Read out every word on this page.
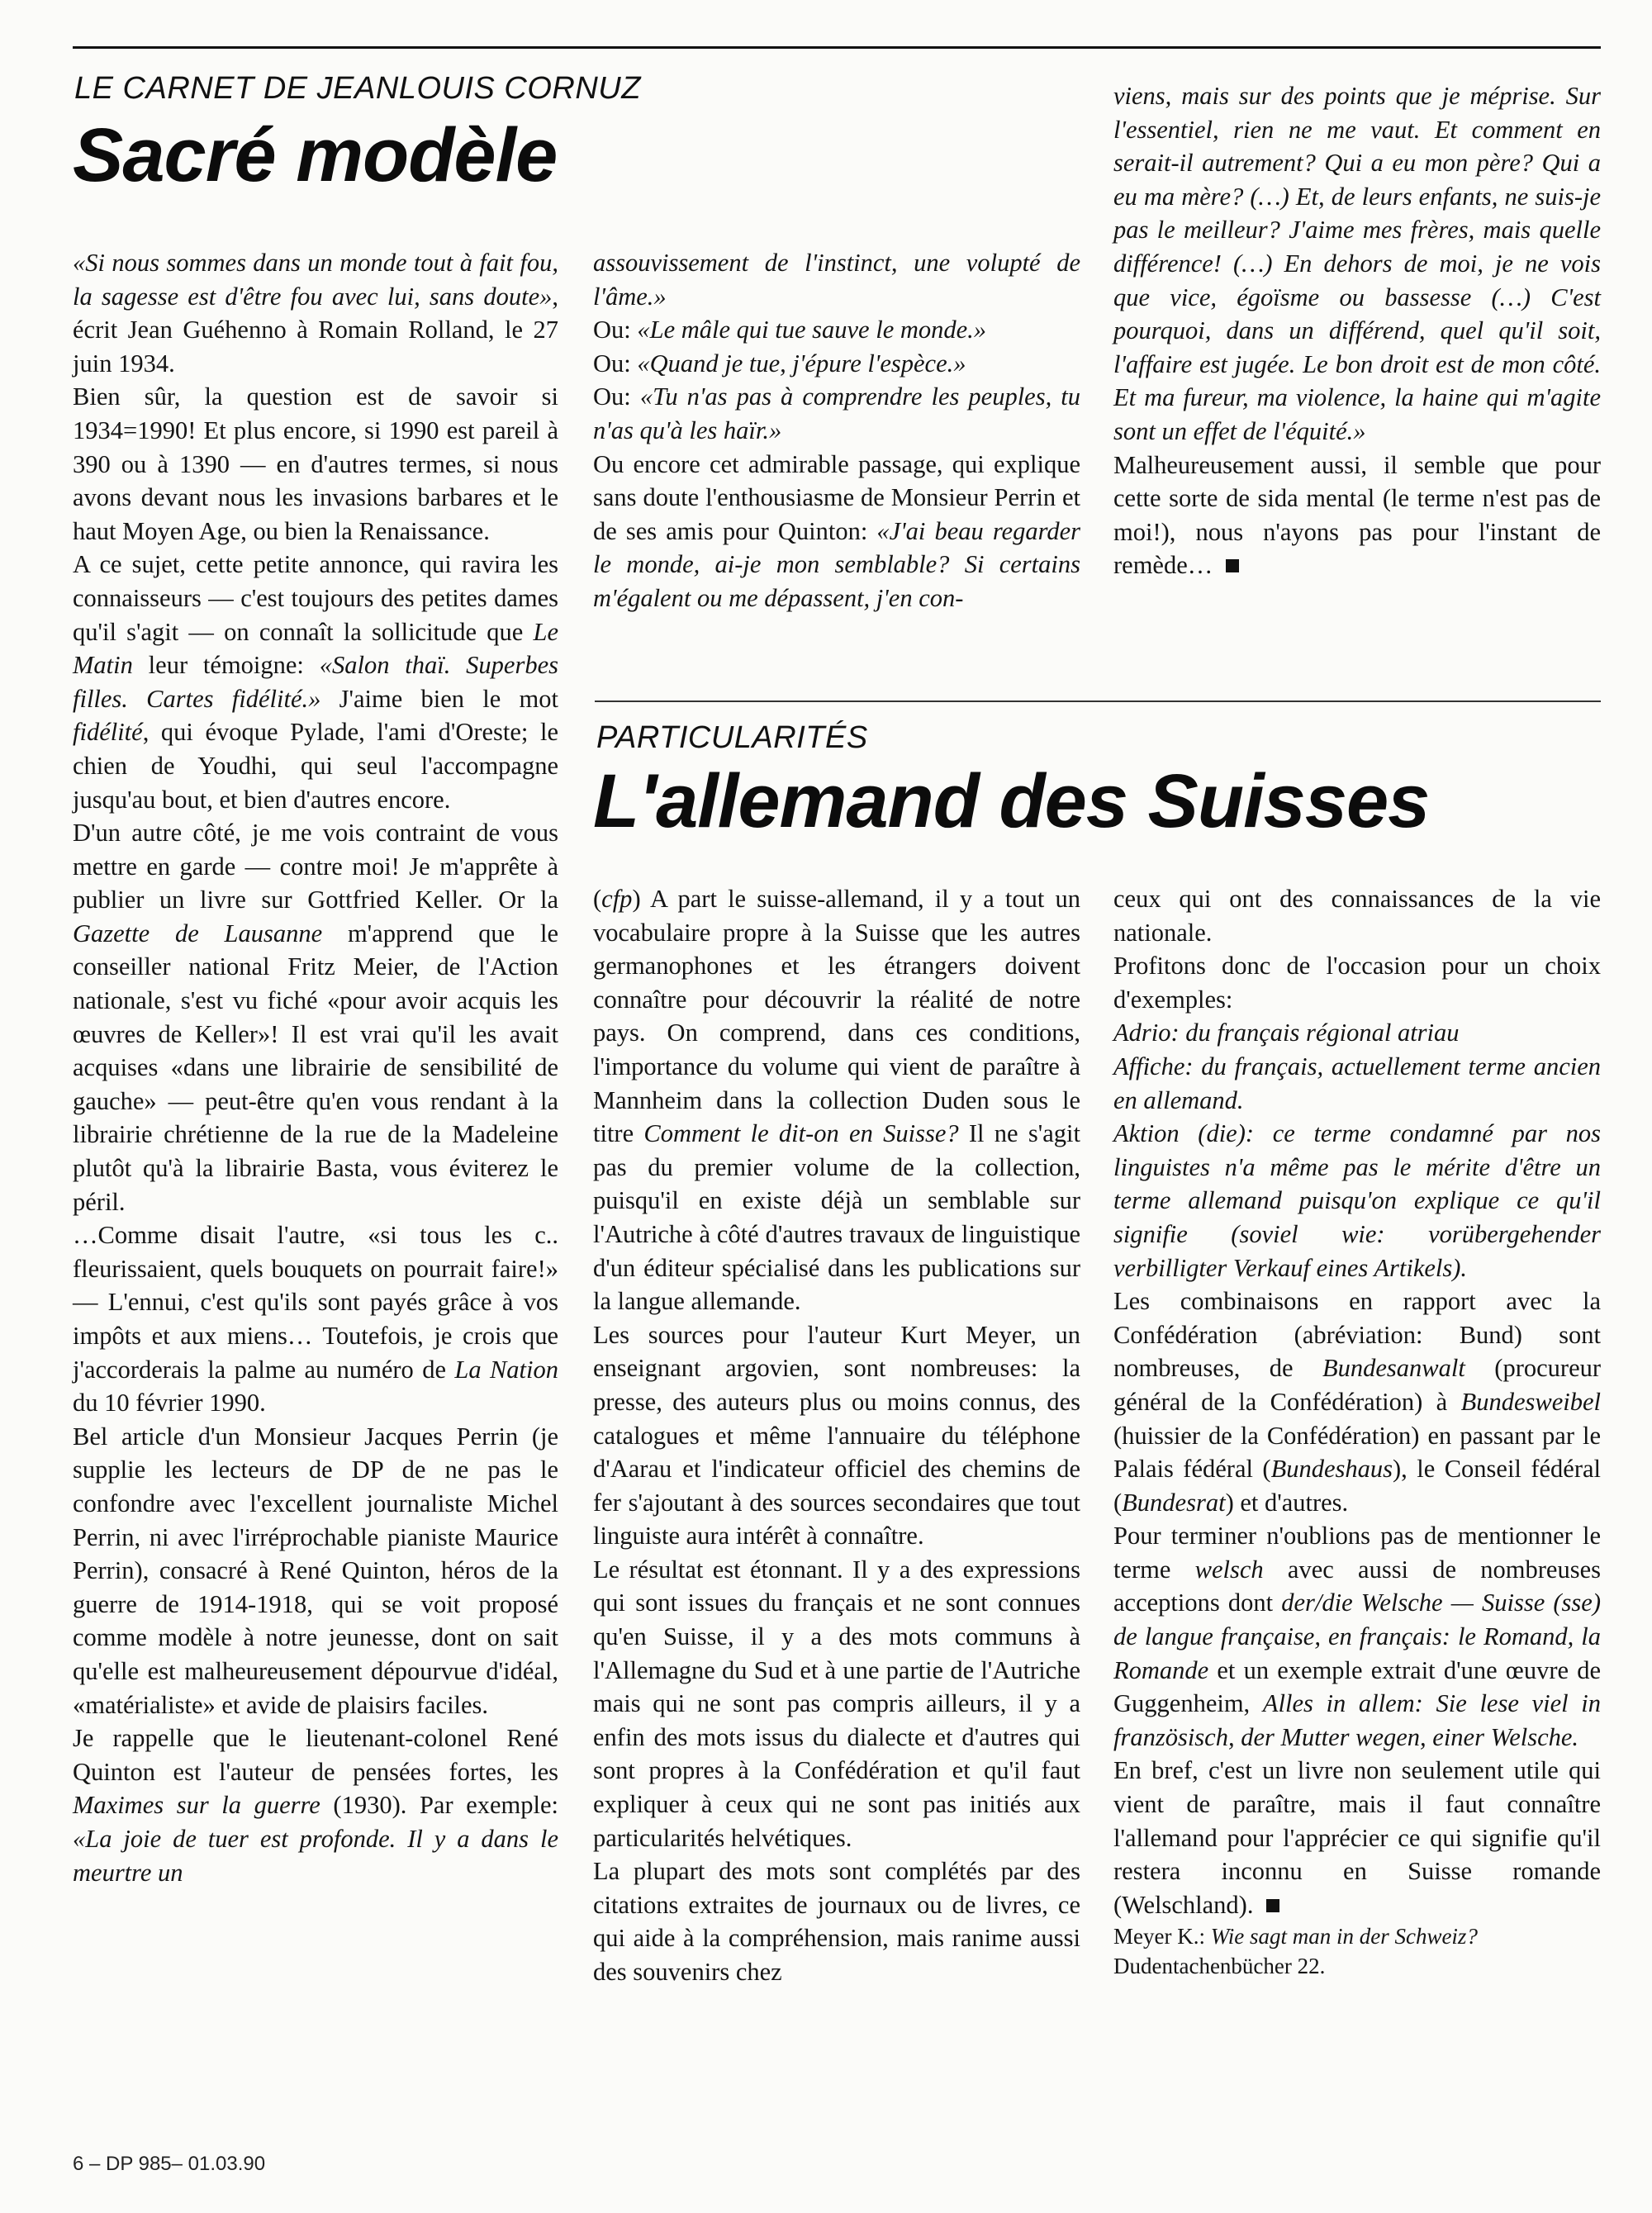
LE CARNET DE JEANLOUIS CORNUZ
Sacré modèle

«Si nous sommes dans un monde tout à fait fou, la sagesse est d'être fou avec lui, sans doute», écrit Jean Guéhenno à Romain Rolland, le 27 juin 1934.

Bien sûr, la question est de savoir si 1934=1990! Et plus encore, si 1990 est pareil à 390 ou à 1390 — en d'autres termes, si nous avons devant nous les invasions barbares et le haut Moyen Age, ou bien la Renaissance.

A ce sujet, cette petite annonce, qui ravira les connaisseurs — c'est toujours des petites dames qu'il s'agit — on connaît la sollicitude que Le Matin leur témoigne: «Salon thaï. Superbes filles. Cartes fidélité.» J'aime bien le mot fidélité, qui évoque Pylade, l'ami d'Oreste; le chien de Youdhi, qui seul l'accompagne jusqu'au bout, et bien d'autres encore.

D'un autre côté, je me vois contraint de vous mettre en garde — contre moi! Je m'apprête à publier un livre sur Gottfried Keller. Or la Gazette de Lausanne m'apprend que le conseiller national Fritz Meier, de l'Action nationale, s'est vu fiché «pour avoir acquis les œuvres de Keller»! Il est vrai qu'il les avait acquises «dans une librairie de sensibilité de gauche» — peut-être qu'en vous rendant à la librairie chrétienne de la rue de la Madeleine plutôt qu'à la librairie Basta, vous éviterez le péril.

…Comme disait l'autre, «si tous les c.. fleurissaient, quels bouquets on pourrait faire!» — L'ennui, c'est qu'ils sont payés grâce à vos impôts et aux miens… Toutefois, je crois que j'accorderais la palme au numéro de La Nation du 10 février 1990.

Bel article d'un Monsieur Jacques Perrin (je supplie les lecteurs de DP de ne pas le confondre avec l'excellent journaliste Michel Perrin, ni avec l'irréprochable pianiste Maurice Perrin), consacré à René Quinton, héros de la guerre de 1914-1918, qui se voit proposé comme modèle à notre jeunesse, dont on sait qu'elle est malheureusement dépourvue d'idéal, «matérialiste» et avide de plaisirs faciles.

Je rappelle que le lieutenant-colonel René Quinton est l'auteur de pensées fortes, les Maximes sur la guerre (1930). Par exemple: «La joie de tuer est profonde. Il y a dans le meurtre un

assouvissement de l'instinct, une volupté de l'âme.»

Ou: «Le mâle qui tue sauve le monde.»

Ou: «Quand je tue, j'épure l'espèce.»

Ou: «Tu n'as pas à comprendre les peuples, tu n'as qu'à les haïr.»

Ou encore cet admirable passage, qui explique sans doute l'enthousiasme de Monsieur Perrin et de ses amis pour Quinton: «J'ai beau regarder le monde, ai-je mon semblable? Si certains m'égalent ou me dépassent, j'en con-

viens, mais sur des points que je méprise. Sur l'essentiel, rien ne me vaut. Et comment en serait-il autrement? Qui a eu mon père? Qui a eu ma mère? (…) Et, de leurs enfants, ne suis-je pas le meilleur? J'aime mes frères, mais quelle différence! (…) En dehors de moi, je ne vois que vice, égoïsme ou bassesse (…) C'est pourquoi, dans un différend, quel qu'il soit, l'affaire est jugée. Le bon droit est de mon côté. Et ma fureur, ma violence, la haine qui m'agite sont un effet de l'équité.»

Malheureusement aussi, il semble que pour cette sorte de sida mental (le terme n'est pas de moi!), nous n'ayons pas pour l'instant de remède…

PARTICULARITÉS
L'allemand des Suisses

(cfp) A part le suisse-allemand, il y a tout un vocabulaire propre à la Suisse que les autres germanophones et les étrangers doivent connaître pour découvrir la réalité de notre pays. On comprend, dans ces conditions, l'importance du volume qui vient de paraître à Mannheim dans la collection Duden sous le titre Comment le dit-on en Suisse? Il ne s'agit pas du premier volume de la collection, puisqu'il en existe déjà un semblable sur l'Autriche à côté d'autres travaux de linguistique d'un éditeur spécialisé dans les publications sur la langue allemande.

Les sources pour l'auteur Kurt Meyer, un enseignant argovien, sont nombreuses: la presse, des auteurs plus ou moins connus, des catalogues et même l'annuaire du téléphone d'Aarau et l'indicateur officiel des chemins de fer s'ajoutant à des sources secondaires que tout linguiste aura intérêt à connaître.

Le résultat est étonnant. Il y a des expressions qui sont issues du français et ne sont connues qu'en Suisse, il y a des mots communs à l'Allemagne du Sud et à une partie de l'Autriche mais qui ne sont pas compris ailleurs, il y a enfin des mots issus du dialecte et d'autres qui sont propres à la Confédération et qu'il faut expliquer à ceux qui ne sont pas initiés aux particularités helvétiques.

La plupart des mots sont complétés par des citations extraites de journaux ou de livres, ce qui aide à la compréhension, mais ranime aussi des souvenirs chez

ceux qui ont des connaissances de la vie nationale.

Profitons donc de l'occasion pour un choix d'exemples:

Adrio: du français régional atriau

Affiche: du français, actuellement terme ancien en allemand.

Aktion (die): ce terme condamné par nos linguistes n'a même pas le mérite d'être un terme allemand puisqu'on explique ce qu'il signifie (soviel wie: vorübergehender verbilligter Verkauf eines Artikels).

Les combinaisons en rapport avec la Confédération (abréviation: Bund) sont nombreuses, de Bundesanwalt (procureur général de la Confédération) à Bundesweibel (huissier de la Confédération) en passant par le Palais fédéral (Bundeshaus), le Conseil fédéral (Bundesrat) et d'autres.

Pour terminer n'oublions pas de mentionner le terme welsch avec aussi de nombreuses acceptions dont der/die Welsche — Suisse (sse) de langue française, en français: le Romand, la Romande et un exemple extrait d'une œuvre de Guggenheim, Alles in allem: Sie lese viel in französisch, der Mutter wegen, einer Welsche.

En bref, c'est un livre non seulement utile qui vient de paraître, mais il faut connaître l'allemand pour l'apprécier ce qui signifie qu'il restera inconnu en Suisse romande (Welschland).

Meyer K.: Wie sagt man in der Schweiz?
Dudentachenbücher 22.

6 – DP 985– 01.03.90
